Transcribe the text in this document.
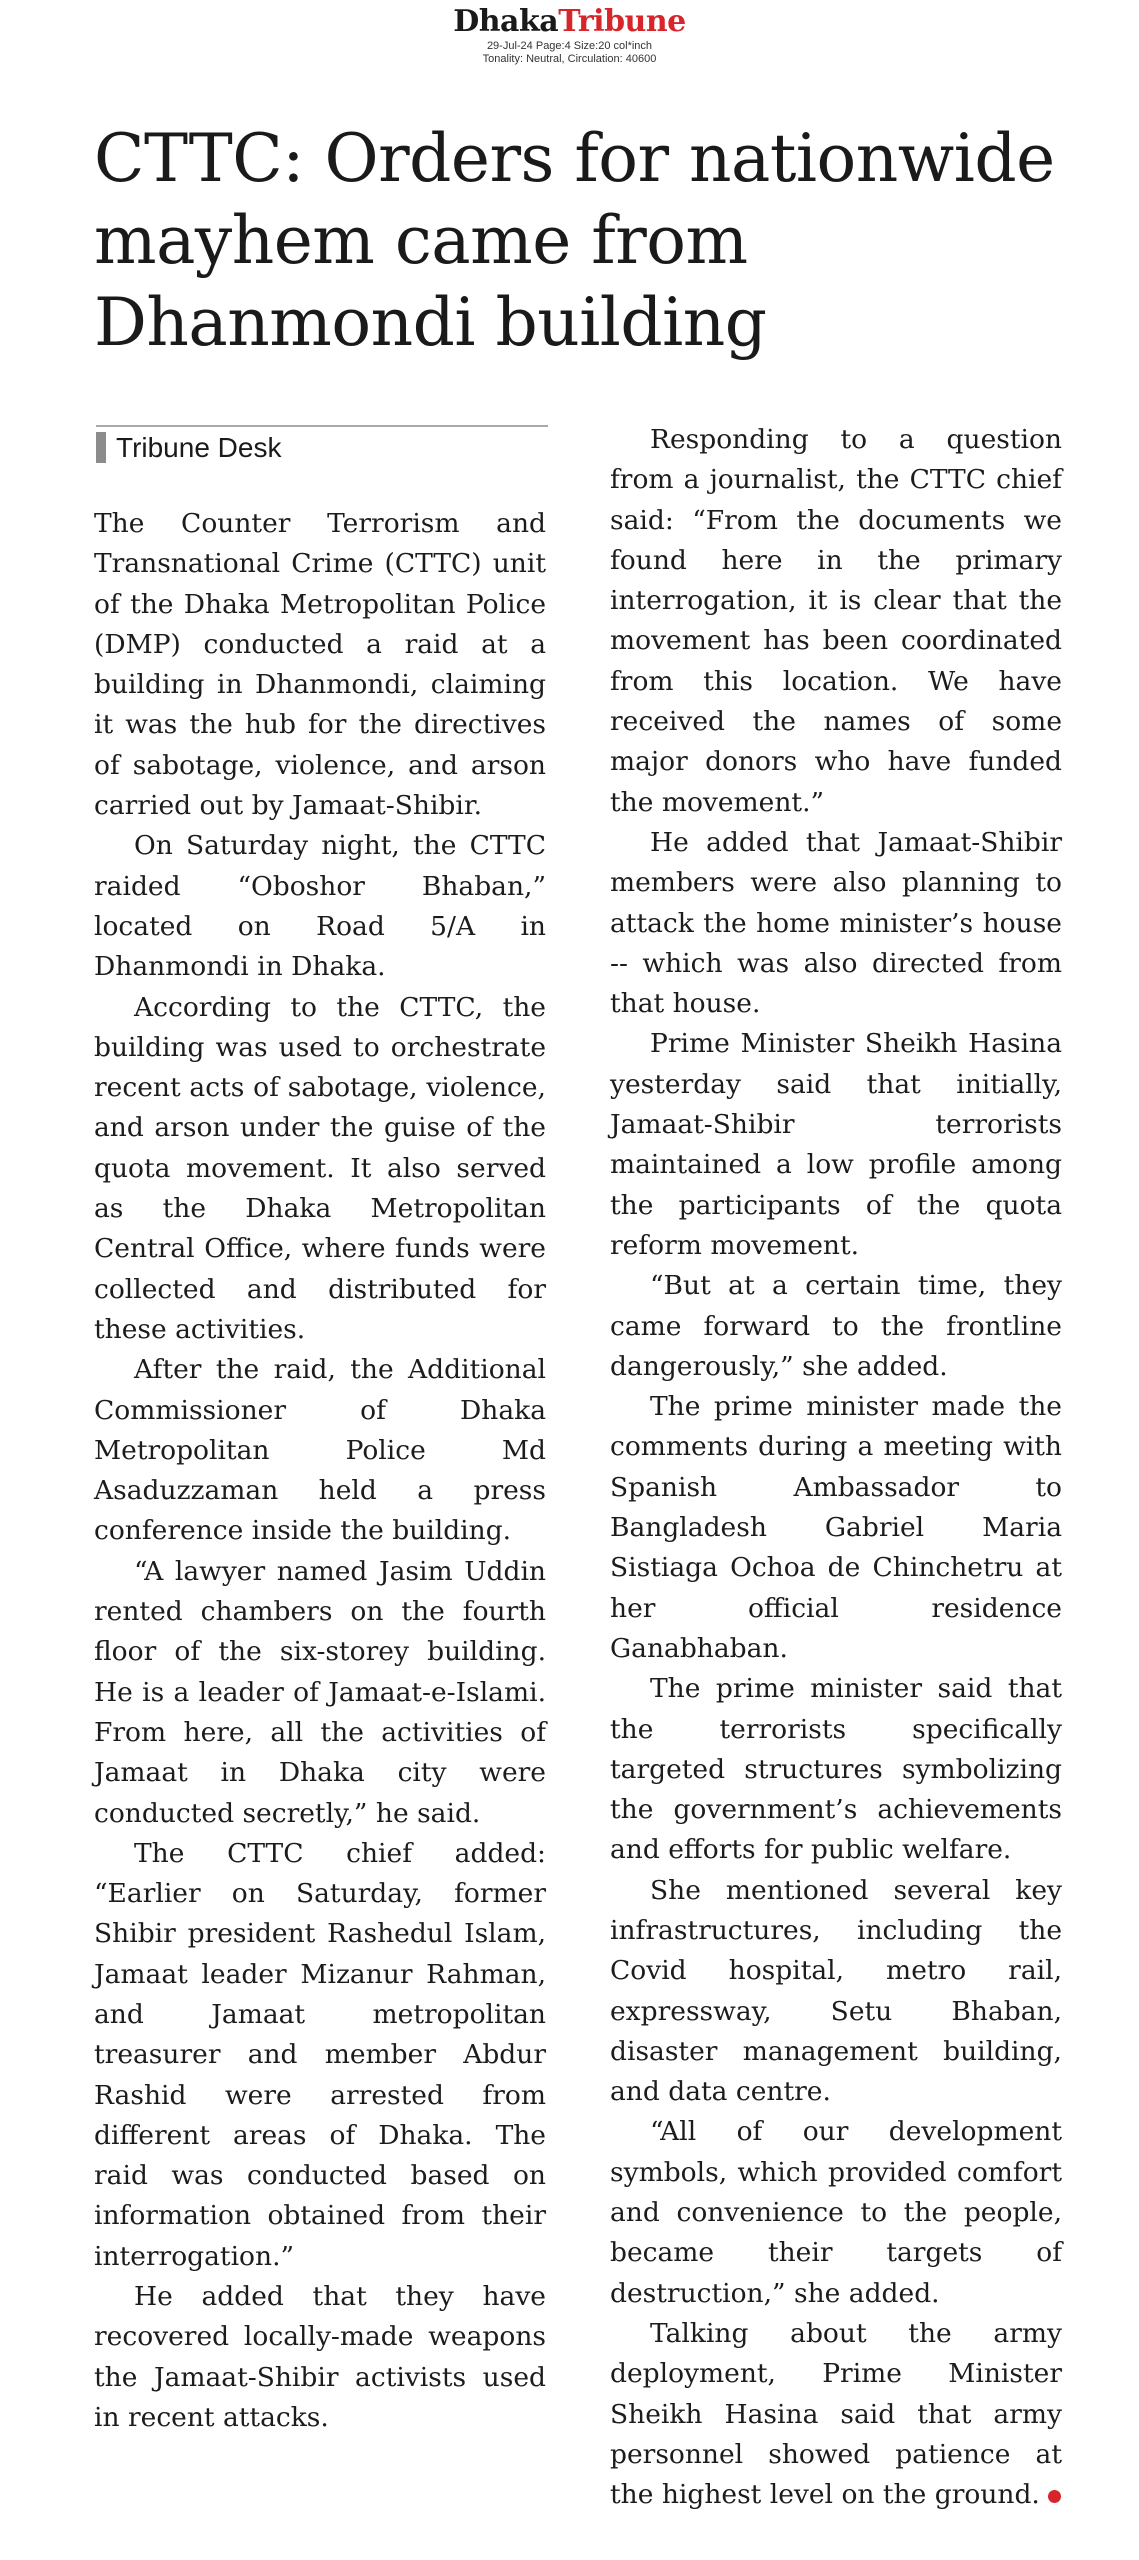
DhakaTribune
29-Jul-24 Page:4 Size:20 col*inch
Tonality: Neutral, Circulation: 40600
CTTC: Orders for nationwide mayhem came from Dhanmondi building
Tribune Desk

The Counter Terrorism and Transnational Crime (CTTC) unit of the Dhaka Metropolitan Police (DMP) conducted a raid at a building in Dhanmondi, claiming it was the hub for the directives of sabotage, violence, and arson carried out by Jamaat-Shibir.

On Saturday night, the CTTC raided “Oboshor Bhaban,” located on Road 5/A in Dhanmondi in Dhaka.

According to the CTTC, the building was used to orchestrate recent acts of sabotage, violence, and arson under the guise of the quota movement. It also served as the Dhaka Metropolitan Central Office, where funds were collected and distributed for these activities.

After the raid, the Additional Commissioner of Dhaka Metropolitan Police Md Asaduzzaman held a press conference inside the building.

“A lawyer named Jasim Uddin rented chambers on the fourth floor of the six-storey building. He is a leader of Jamaat-e-Islami. From here, all the activities of Jamaat in Dhaka city were conducted secretly,” he said.

The CTTC chief added: “Earlier on Saturday, former Shibir president Rashedul Islam, Jamaat leader Mizanur Rahman, and Jamaat metropolitan treasurer and member Abdur Rashid were arrested from different areas of Dhaka. The raid was conducted based on information obtained from their interrogation.”

He added that they have recovered locally-made weapons the Jamaat-Shibir activists used in recent attacks.

Responding to a question from a journalist, the CTTC chief said: “From the documents we found here in the primary interrogation, it is clear that the movement has been coordinated from this location. We have received the names of some major donors who have funded the movement.”

He added that Jamaat-Shibir members were also planning to attack the home minister’s house -- which was also directed from that house.

Prime Minister Sheikh Hasina yesterday said that initially, Jamaat-Shibir terrorists maintained a low profile among the participants of the quota reform movement.

“But at a certain time, they came forward to the frontline dangerously,” she added.

The prime minister made the comments during a meeting with Spanish Ambassador to Bangladesh Gabriel Maria Sistiaga Ochoa de Chinchetru at her official residence Ganabhaban.

The prime minister said that the terrorists specifically targeted structures symbolizing the government’s achievements and efforts for public welfare.

She mentioned several key infrastructures, including the Covid hospital, metro rail, expressway, Setu Bhaban, disaster management building, and data centre.

“All of our development symbols, which provided comfort and convenience to the people, became their targets of destruction,” she added.

Talking about the army deployment, Prime Minister Sheikh Hasina said that army personnel showed patience at the highest level on the ground.
